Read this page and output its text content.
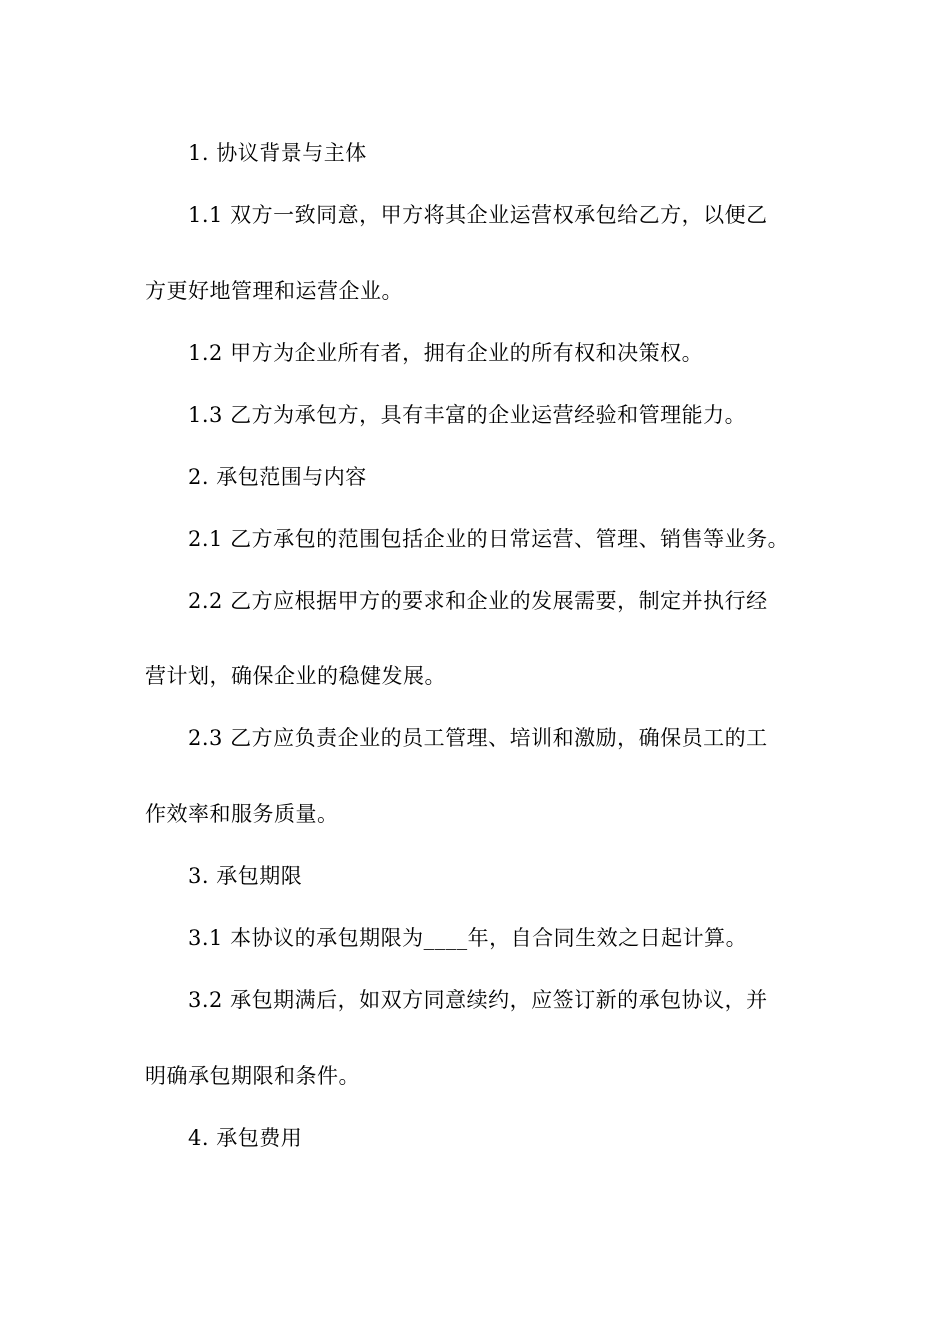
1. 协议背景与主体
1.1 双方一致同意，甲方将其企业运营权承包给乙方，以便乙
方更好地管理和运营企业。
1.2 甲方为企业所有者，拥有企业的所有权和决策权。
1.3 乙方为承包方，具有丰富的企业运营经验和管理能力。
2. 承包范围与内容
2.1 乙方承包的范围包括企业的日常运营、管理、销售等业务。
2.2 乙方应根据甲方的要求和企业的发展需要，制定并执行经
营计划，确保企业的稳健发展。
2.3 乙方应负责企业的员工管理、培训和激励，确保员工的工
作效率和服务质量。
3. 承包期限
3.1 本协议的承包期限为____年，自合同生效之日起计算。
3.2 承包期满后，如双方同意续约，应签订新的承包协议，并
明确承包期限和条件。
4. 承包费用
